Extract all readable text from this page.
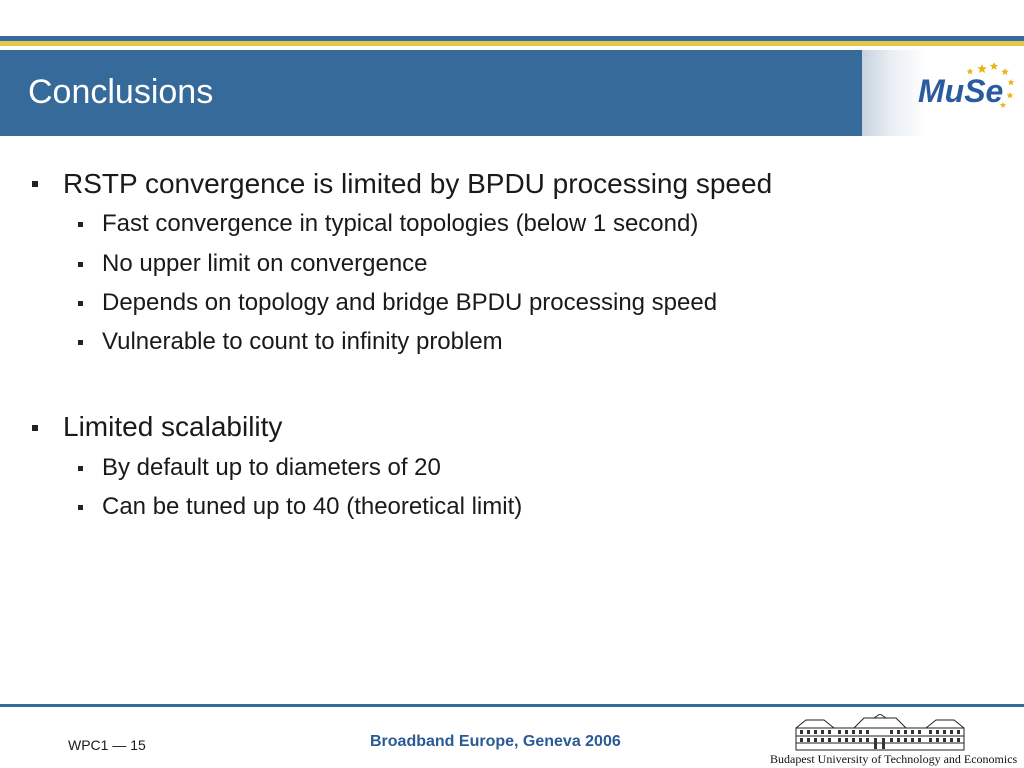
Conclusions	MuSe
RSTP convergence is limited by BPDU processing speed
Fast convergence in typical topologies (below 1 second)
No upper limit on convergence
Depends on topology and bridge BPDU processing speed
Vulnerable to count to infinity problem
Limited scalability
By default up to diameters of 20
Can be tuned up to 40 (theoretical limit)
WPC1 — 15	Broadband Europe, Geneva 2006
Budapest University of Technology and Economics
